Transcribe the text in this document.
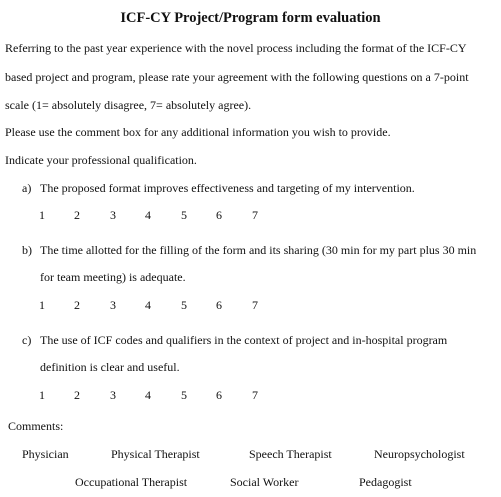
ICF-CY Project/Program form evaluation
Referring to the past year experience with the novel process including the format of the ICF-CY
based project and program, please rate your agreement with the following questions on a 7-point
scale (1= absolutely disagree, 7= absolutely agree).
Please use the comment box for any additional information you wish to provide.
Indicate your professional qualification.
a) The proposed format improves effectiveness and targeting of my intervention.
1	2	3	4	5	6	7
b) The time allotted for the filling of the form and its sharing (30 min for my part plus 30 min
for team meeting) is adequate.
1	2	3	4	5	6	7
c) The use of ICF codes and qualifiers in the context of project and in-hospital program
definition is clear and useful.
1	2	3	4	5	6	7
Comments:
Physician	Physical Therapist	Speech Therapist	Neuropsychologist
Occupational Therapist	Social Worker	Pedagogist
